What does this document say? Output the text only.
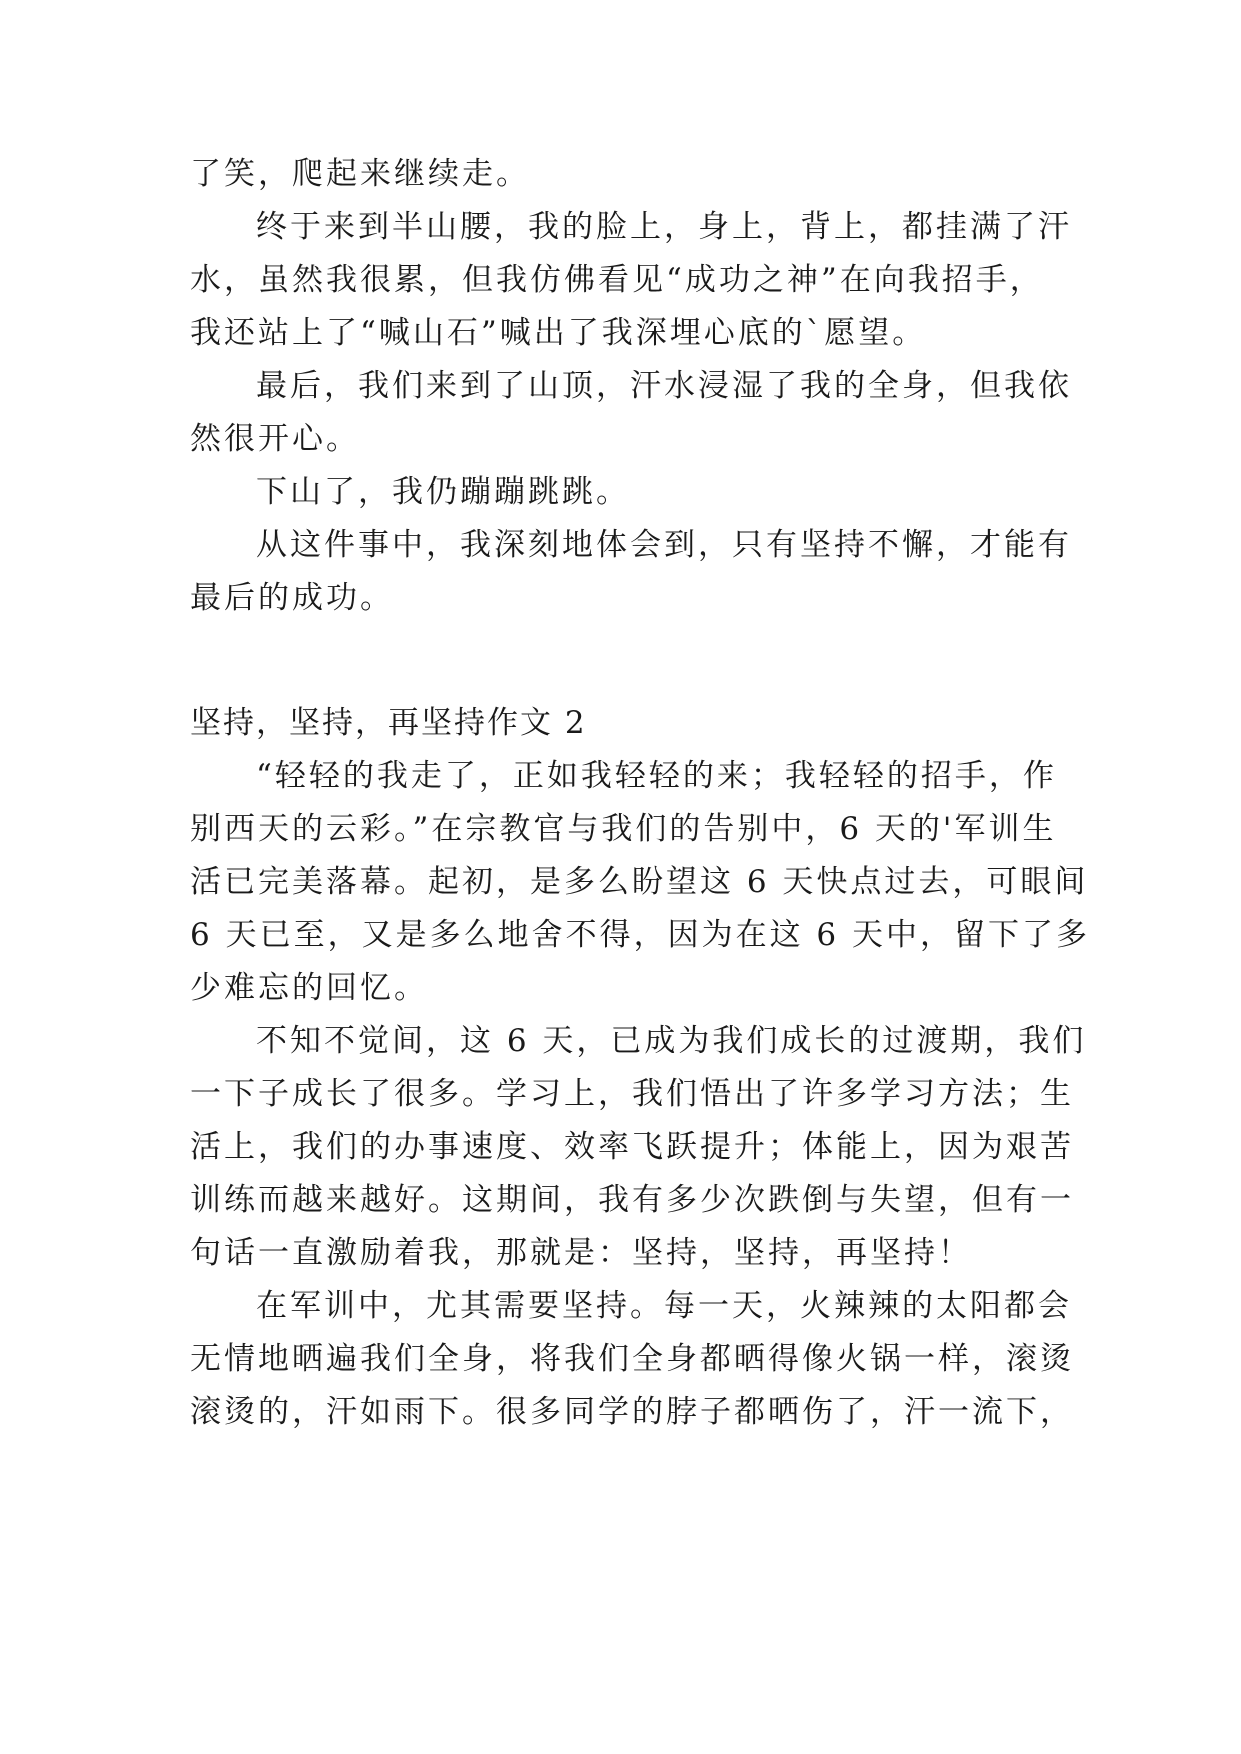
了笑，爬起来继续走。
终于来到半山腰，我的脸上，身上，背上，都挂满了汗
水，虽然我很累，但我仿佛看见“成功之神”在向我招手，
我还站上了“喊山石”喊出了我深埋心底的`愿望。
最后，我们来到了山顶，汗水浸湿了我的全身，但我依
然很开心。
下山了，我仍蹦蹦跳跳。
从这件事中，我深刻地体会到，只有坚持不懈，才能有
最后的成功。
坚持，坚持，再坚持作文 2
“轻轻的我走了，正如我轻轻的来；我轻轻的招手，作
别西天的云彩。”在宗教官与我们的告别中，6 天的'军训生
活已完美落幕。起初，是多么盼望这 6 天快点过去，可眼间
6 天已至，又是多么地舍不得，因为在这 6 天中，留下了多
少难忘的回忆。
不知不觉间，这 6 天，已成为我们成长的过渡期，我们
一下子成长了很多。学习上，我们悟出了许多学习方法；生
活上，我们的办事速度、效率飞跃提升；体能上，因为艰苦
训练而越来越好。这期间，我有多少次跌倒与失望，但有一
句话一直激励着我，那就是：坚持，坚持，再坚持！
在军训中，尤其需要坚持。每一天，火辣辣的太阳都会
无情地晒遍我们全身，将我们全身都晒得像火锅一样，滚烫
滚烫的，汗如雨下。很多同学的脖子都晒伤了，汗一流下，
